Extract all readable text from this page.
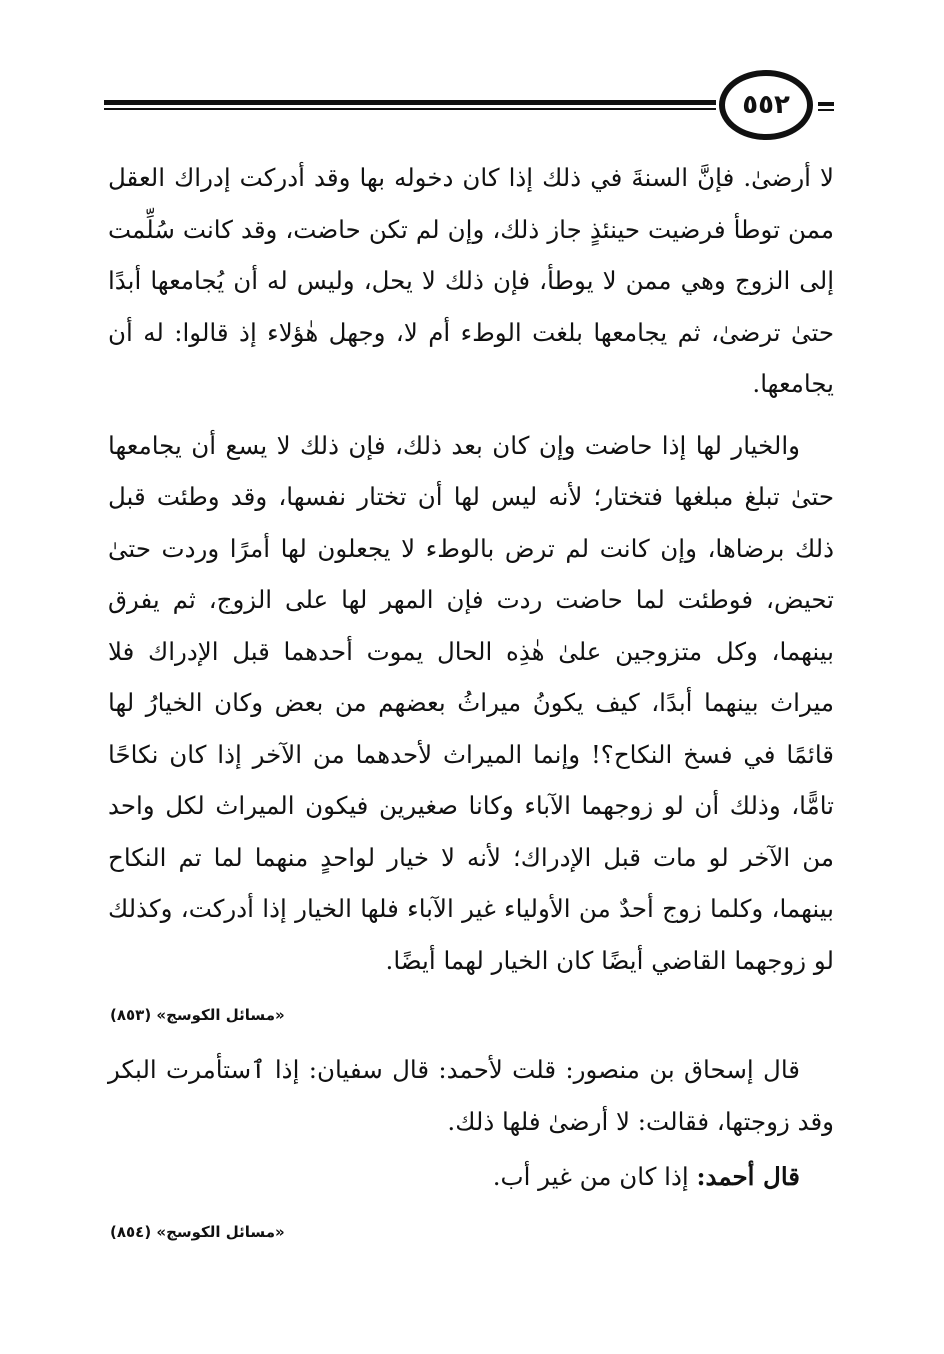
٥٥٢

لا أرضىٰ. فإنَّ السنةَ في ذلك إذا كان دخوله بها وقد أدركت إدراك العقل ممن توطأ فرضيت حينئذٍ جاز ذلك، وإن لم تكن حاضت، وقد كانت سُلِّمت إلى الزوج وهي ممن لا يوطأ، فإن ذلك لا يحل، وليس له أن يُجامعها أبدًا حتىٰ ترضىٰ، ثم يجامعها بلغت الوطء أم لا، وجهل هٰؤلاء إذ قالوا: له أن يجامعها.

والخيار لها إذا حاضت وإن كان بعد ذلك، فإن ذلك لا يسع أن يجامعها حتىٰ تبلغ مبلغها فتختار؛ لأنه ليس لها أن تختار نفسها، وقد وطئت قبل ذلك برضاها، وإن كانت لم ترض بالوطء لا يجعلون لها أمرًا وردت حتىٰ تحيض، فوطئت لما حاضت ردت فإن المهر لها على الزوج، ثم يفرق بينهما، وكل متزوجين علىٰ هٰذِه الحال يموت أحدهما قبل الإدراك فلا ميراث بينهما أبدًا، كيف يكونُ ميراثُ بعضهم من بعض وكان الخيارُ لها قائمًا في فسخ النكاح؟! وإنما الميراث لأحدهما من الآخر إذا كان نكاحًا تامًّا، وذلك أن لو زوجهما الآباء وكانا صغيرين فيكون الميراث لكل واحد من الآخر لو مات قبل الإدراك؛ لأنه لا خيار لواحدٍ منهما لما تم النكاح بينهما، وكلما زوج أحدٌ من الأولياء غير الآباء فلها الخيار إذا أدركت، وكذلك لو زوجهما القاضي أيضًا كان الخيار لهما أيضًا.

«مسائل الكوسج» (٨٥٣)

قال إسحاق بن منصور: قلت لأحمد: قال سفيان: إذا ٱستأمرت البكر وقد زوجتها، فقالت: لا أرضىٰ فلها ذلك.

قال أحمد: إذا كان من غير أب.

«مسائل الكوسج» (٨٥٤)
